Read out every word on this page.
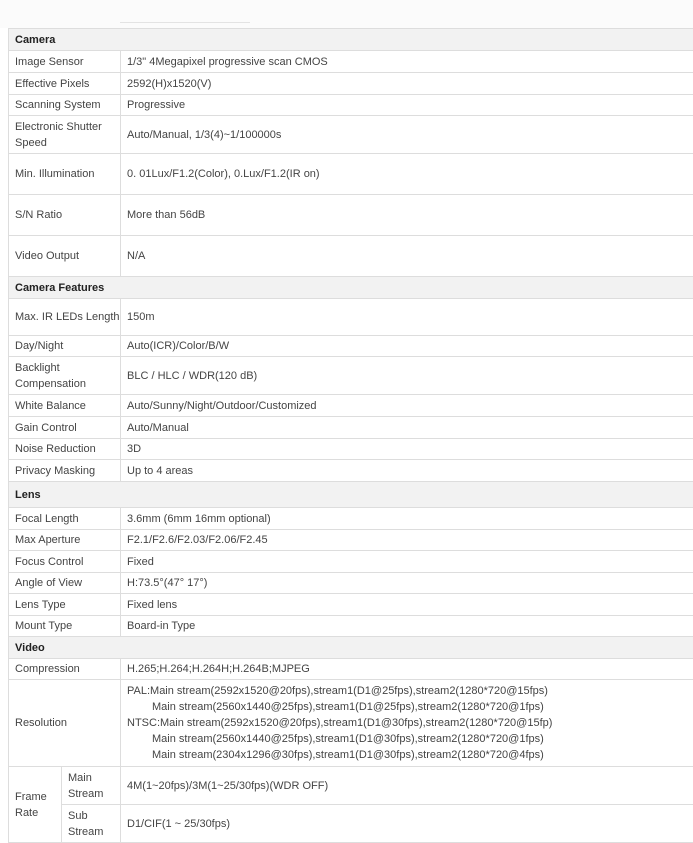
Camera		
Image Sensor		1/3" 4Megapixel progressive scan CMOS
Effective Pixels		2592(H)x1520(V)
Scanning System		Progressive
Electronic Shutter Speed		Auto/Manual, 1/3(4)~1/100000s
Min. Illumination		0. 01Lux/F1.2(Color), 0.Lux/F1.2(IR on)
S/N Ratio		More than 56dB
Video Output		N/A
Camera Features		
Max. IR LEDs Length		150m
Day/Night		Auto(ICR)/Color/B/W
Backlight Compensation		BLC / HLC / WDR(120 dB)
White Balance		Auto/Sunny/Night/Outdoor/Customized
Gain Control		Auto/Manual
Noise Reduction		3D
Privacy Masking		Up to 4 areas
Lens		
Focal Length		3.6mm (6mm 16mm optional)
Max Aperture		F2.1/F2.6/F2.03/F2.06/F2.45
Focus Control		Fixed
Angle of View		H:73.5°(47° 17°)
Lens Type		Fixed lens
Mount Type		Board-in Type
Video		
Compression		H.265;H.264;H.264H;H.264B;MJPEG
Resolution		PAL:Main stream(2592x1520@20fps),stream1(D1@25fps),stream2(1280*720@15fps)
Main stream(2560x1440@25fps),stream1(D1@25fps),stream2(1280*720@1fps)
NTSC:Main stream(2592x1520@20fps),stream1(D1@30fps),stream2(1280*720@15fp)
Main stream(2560x1440@25fps),stream1(D1@30fps),stream2(1280*720@1fps)
Main stream(2304x1296@30fps),stream1(D1@30fps),stream2(1280*720@4fps)

Frame Rate	Main Stream	4M(1~20fps)/3M(1~25/30fps)(WDR OFF)
	Sub Stream	D1/CIF(1 ~ 25/30fps)
